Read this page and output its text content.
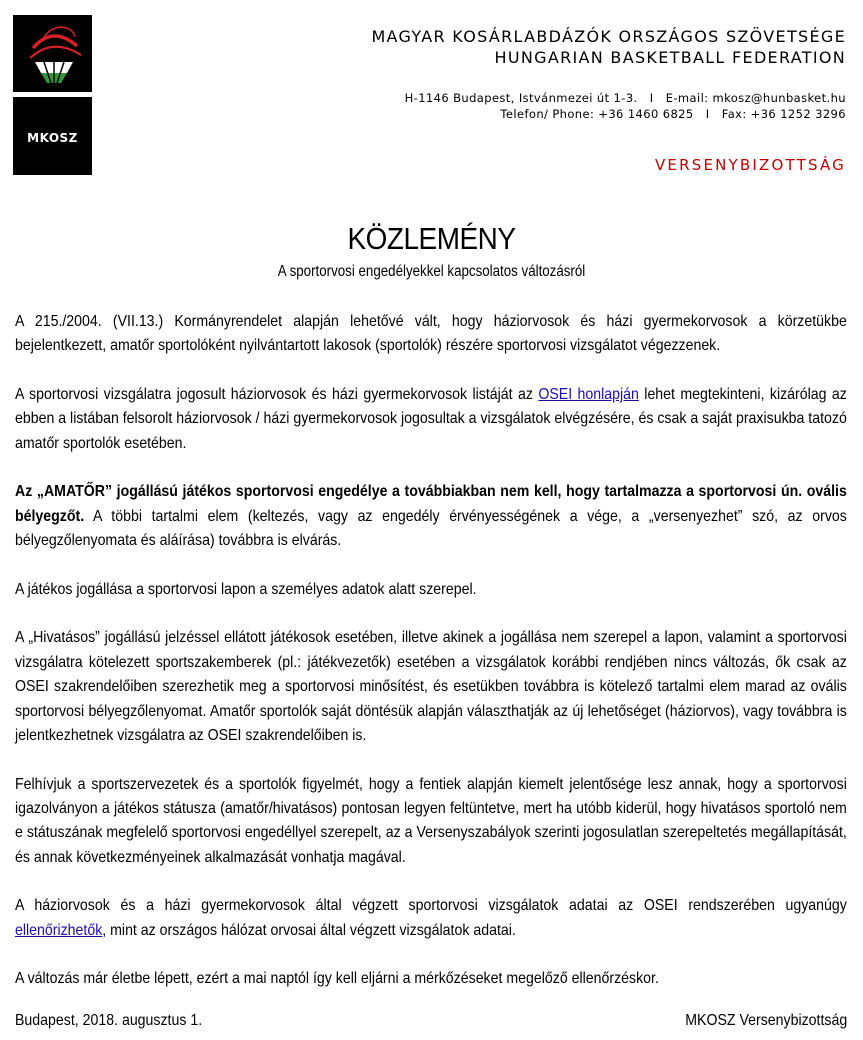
MKOSZ
MAGYAR KOSÁRLABDÁZÓK ORSZÁGOS SZÖVETSÉGE
HUNGARIAN BASKETBALL FEDERATION
H-1146 Budapest, Istvánmezei út 1-3.   I   E-mail: mkosz@hunbasket.hu
Telefon/ Phone: +36 1460 6825   I   Fax: +36 1252 3296
VERSENYBIZOTTSÁG
KÖZLEMÉNY
A sportorvosi engedélyekkel kapcsolatos változásról

A 215./2004. (VII.13.) Kormányrendelet alapján lehetővé vált, hogy háziorvosok és házi gyermekorvosok a körzetükbe bejelentkezett, amatőr sportolóként nyilvántartott lakosok (sportolók) részére sportorvosi vizsgálatot végezzenek.

A sportorvosi vizsgálatra jogosult háziorvosok és házi gyermekorvosok listáját az OSEI honlapján lehet megtekinteni, kizárólag az ebben a listában felsorolt háziorvosok / házi gyermekorvosok jogosultak a vizsgálatok elvégzésére, és csak a saját praxisukba tatozó amatőr sportolók esetében.

Az „AMATŐR” jogállású játékos sportorvosi engedélye a továbbiakban nem kell, hogy tartalmazza a sportorvosi ún. ovális bélyegzőt. A többi tartalmi elem (keltezés, vagy az engedély érvényességének a vége, a „versenyezhet” szó, az orvos bélyegzőlenyomata és aláírása) továbbra is elvárás.

A játékos jogállása a sportorvosi lapon a személyes adatok alatt szerepel.

A „Hivatásos” jogállású jelzéssel ellátott játékosok esetében, illetve akinek a jogállása nem szerepel a lapon, valamint a sportorvosi vizsgálatra kötelezett sportszakemberek (pl.: játékvezetők) esetében a vizsgálatok korábbi rendjében nincs változás, ők csak az OSEI szakrendelőiben szerezhetik meg a sportorvosi minősítést, és esetükben továbbra is kötelező tartalmi elem marad az ovális sportorvosi bélyegzőlenyomat. Amatőr sportolók saját döntésük alapján választhatják az új lehetőséget (háziorvos), vagy továbbra is jelentkezhetnek vizsgálatra az OSEI szakrendelőiben is.

Felhívjuk a sportszervezetek és a sportolók figyelmét, hogy a fentiek alapján kiemelt jelentősége lesz annak, hogy a sportorvosi igazolványon a játékos státusza (amatőr/hivatásos) pontosan legyen feltüntetve, mert ha utóbb kiderül, hogy hivatásos sportoló nem e státuszának megfelelő sportorvosi engedéllyel szerepelt, az a Versenyszabályok szerinti jogosulatlan szerepeltetés megállapítását, és annak következményeinek alkalmazását vonhatja magával.

A háziorvosok és a házi gyermekorvosok által végzett sportorvosi vizsgálatok adatai az OSEI rendszerében ugyanúgy ellenőrizhetők, mint az országos hálózat orvosai által végzett vizsgálatok adatai.

A változás már életbe lépett, ezért a mai naptól így kell eljárni a mérkőzéseket megelőző ellenőrzéskor.

Budapest, 2018. augusztus 1.	MKOSZ Versenybizottság
